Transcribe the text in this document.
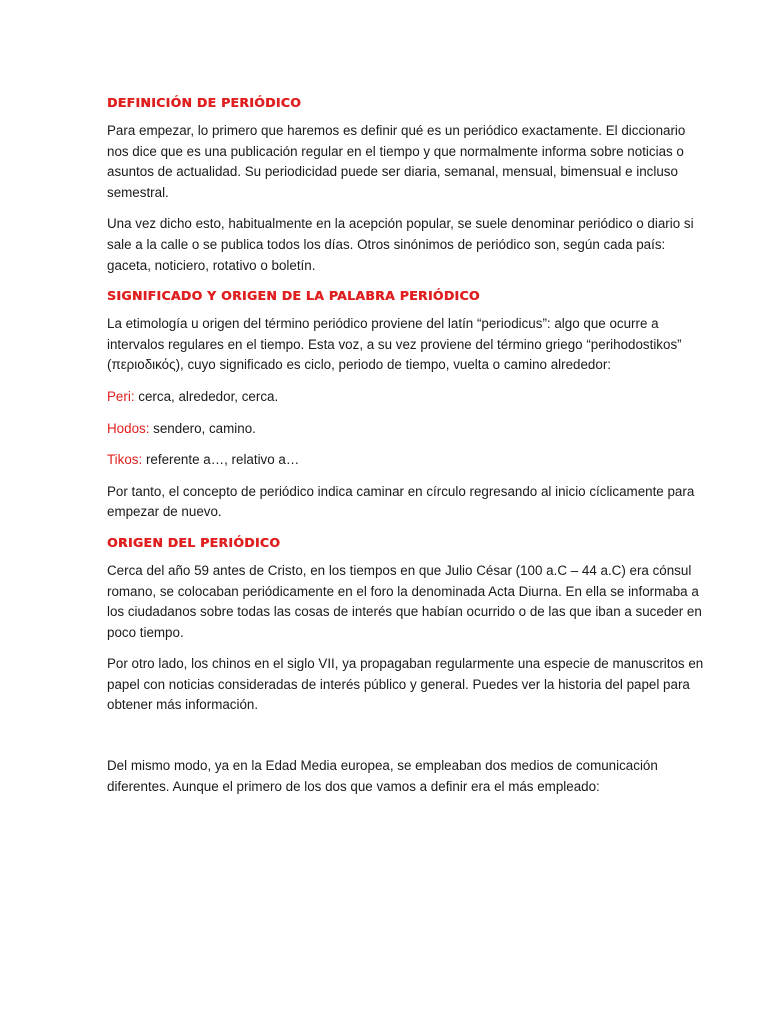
DEFINICIÓN DE PERIÓDICO

Para empezar, lo primero que haremos es definir qué es un periódico exactamente. El diccionario nos dice que es una publicación regular en el tiempo y que normalmente informa sobre noticias o asuntos de actualidad. Su periodicidad puede ser diaria, semanal, mensual, bimensual e incluso semestral.

Una vez dicho esto, habitualmente en la acepción popular, se suele denominar periódico o diario si sale a la calle o se publica todos los días. Otros sinónimos de periódico son, según cada país: gaceta, noticiero, rotativo o boletín.

SIGNIFICADO Y ORIGEN DE LA PALABRA PERIÓDICO

La etimología u origen del término periódico proviene del latín “periodicus”: algo que ocurre a intervalos regulares en el tiempo. Esta voz, a su vez proviene del término griego “perihodostikos” (περιοδικός), cuyo significado es ciclo, periodo de tiempo, vuelta o camino alrededor:

Peri: cerca, alrededor, cerca.

Hodos: sendero, camino.

Tikos: referente a…, relativo a…

Por tanto, el concepto de periódico indica caminar en círculo regresando al inicio cíclicamente para empezar de nuevo.

ORIGEN DEL PERIÓDICO

Cerca del año 59 antes de Cristo, en los tiempos en que Julio César (100 a.C – 44 a.C) era cónsul romano, se colocaban periódicamente en el foro la denominada Acta Diurna. En ella se informaba a los ciudadanos sobre todas las cosas de interés que habían ocurrido o de las que iban a suceder en poco tiempo.

Por otro lado, los chinos en el siglo VII, ya propagaban regularmente una especie de manuscritos en papel con noticias consideradas de interés público y general. Puedes ver la historia del papel para obtener más información.

Del mismo modo, ya en la Edad Media europea, se empleaban dos medios de comunicación diferentes. Aunque el primero de los dos que vamos a definir era el más empleado:
